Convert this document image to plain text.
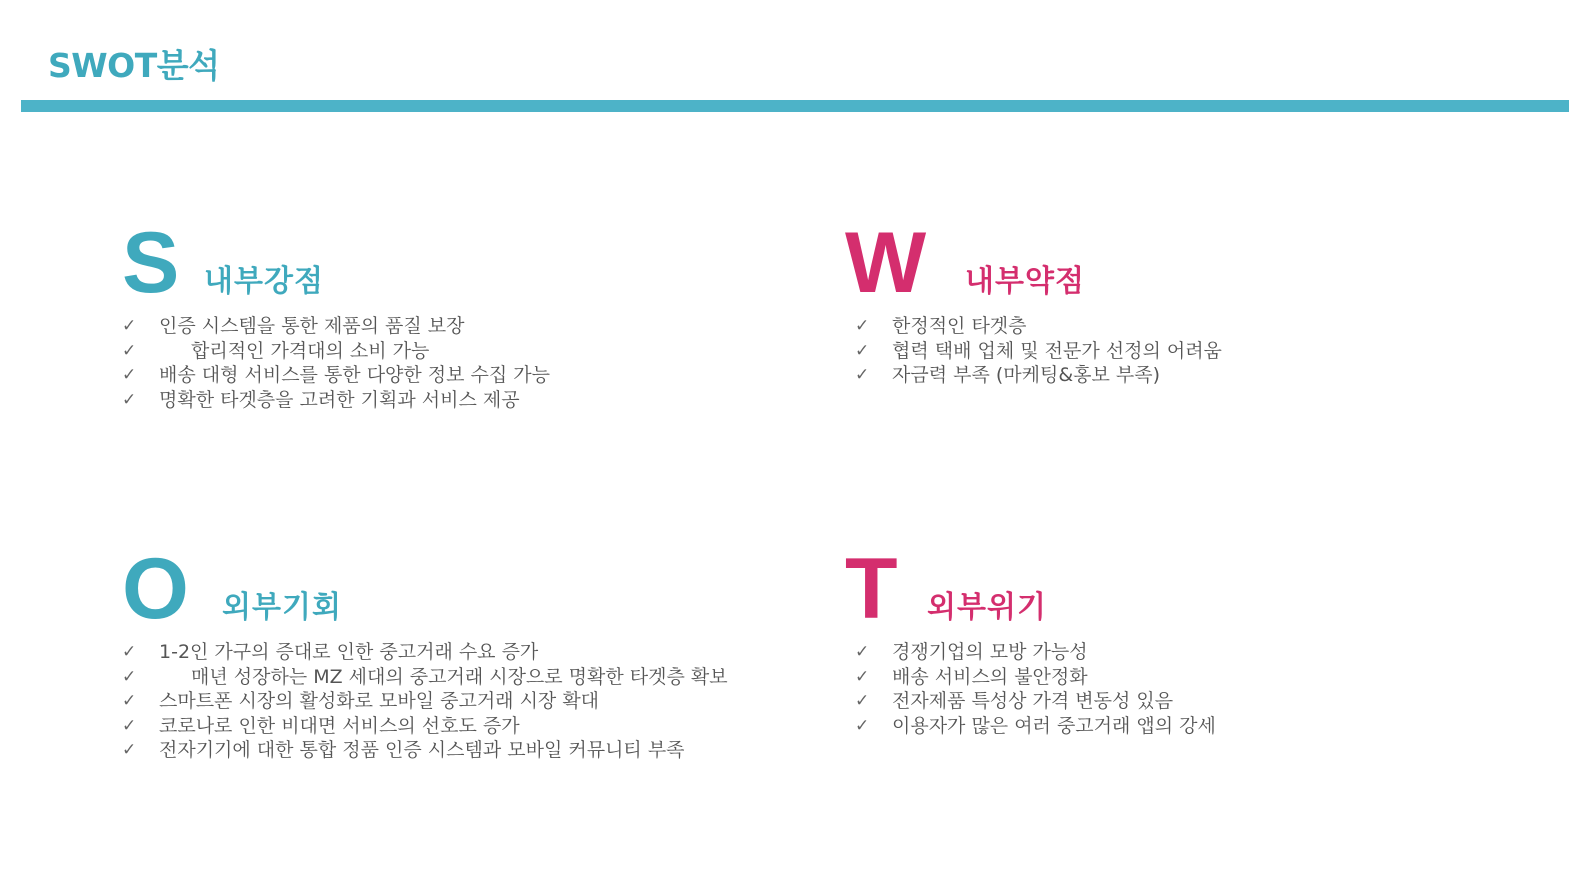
SWOT분석
S 내부강점
✓ 인증 시스템을 통한 제품의 품질 보장
✓	합리적인 가격대의 소비 가능
✓ 배송 대형 서비스를 통한 다양한 정보 수집 가능
✓ 명확한 타겟층을 고려한 기획과 서비스 제공
W 내부약점
✓ 한정적인 타겟층
✓ 협력 택배 업체 및 전문가 선정의 어려움
✓ 자금력 부족 (마케팅&홍보 부족)
O 외부기회
✓ 1-2인 가구의 증대로 인한 중고거래 수요 증가
✓	매년 성장하는 MZ 세대의 중고거래 시장으로 명확한 타겟층 확보
✓ 스마트폰 시장의 활성화로 모바일 중고거래 시장 확대
✓ 코로나로 인한 비대면 서비스의 선호도 증가
✓ 전자기기에 대한 통합 정품 인증 시스템과 모바일 커뮤니티 부족
T 외부위기
✓ 경쟁기업의 모방 가능성
✓ 배송 서비스의 불안정화
✓ 전자제품 특성상 가격 변동성 있음
✓ 이용자가 많은 여러 중고거래 앱의 강세
